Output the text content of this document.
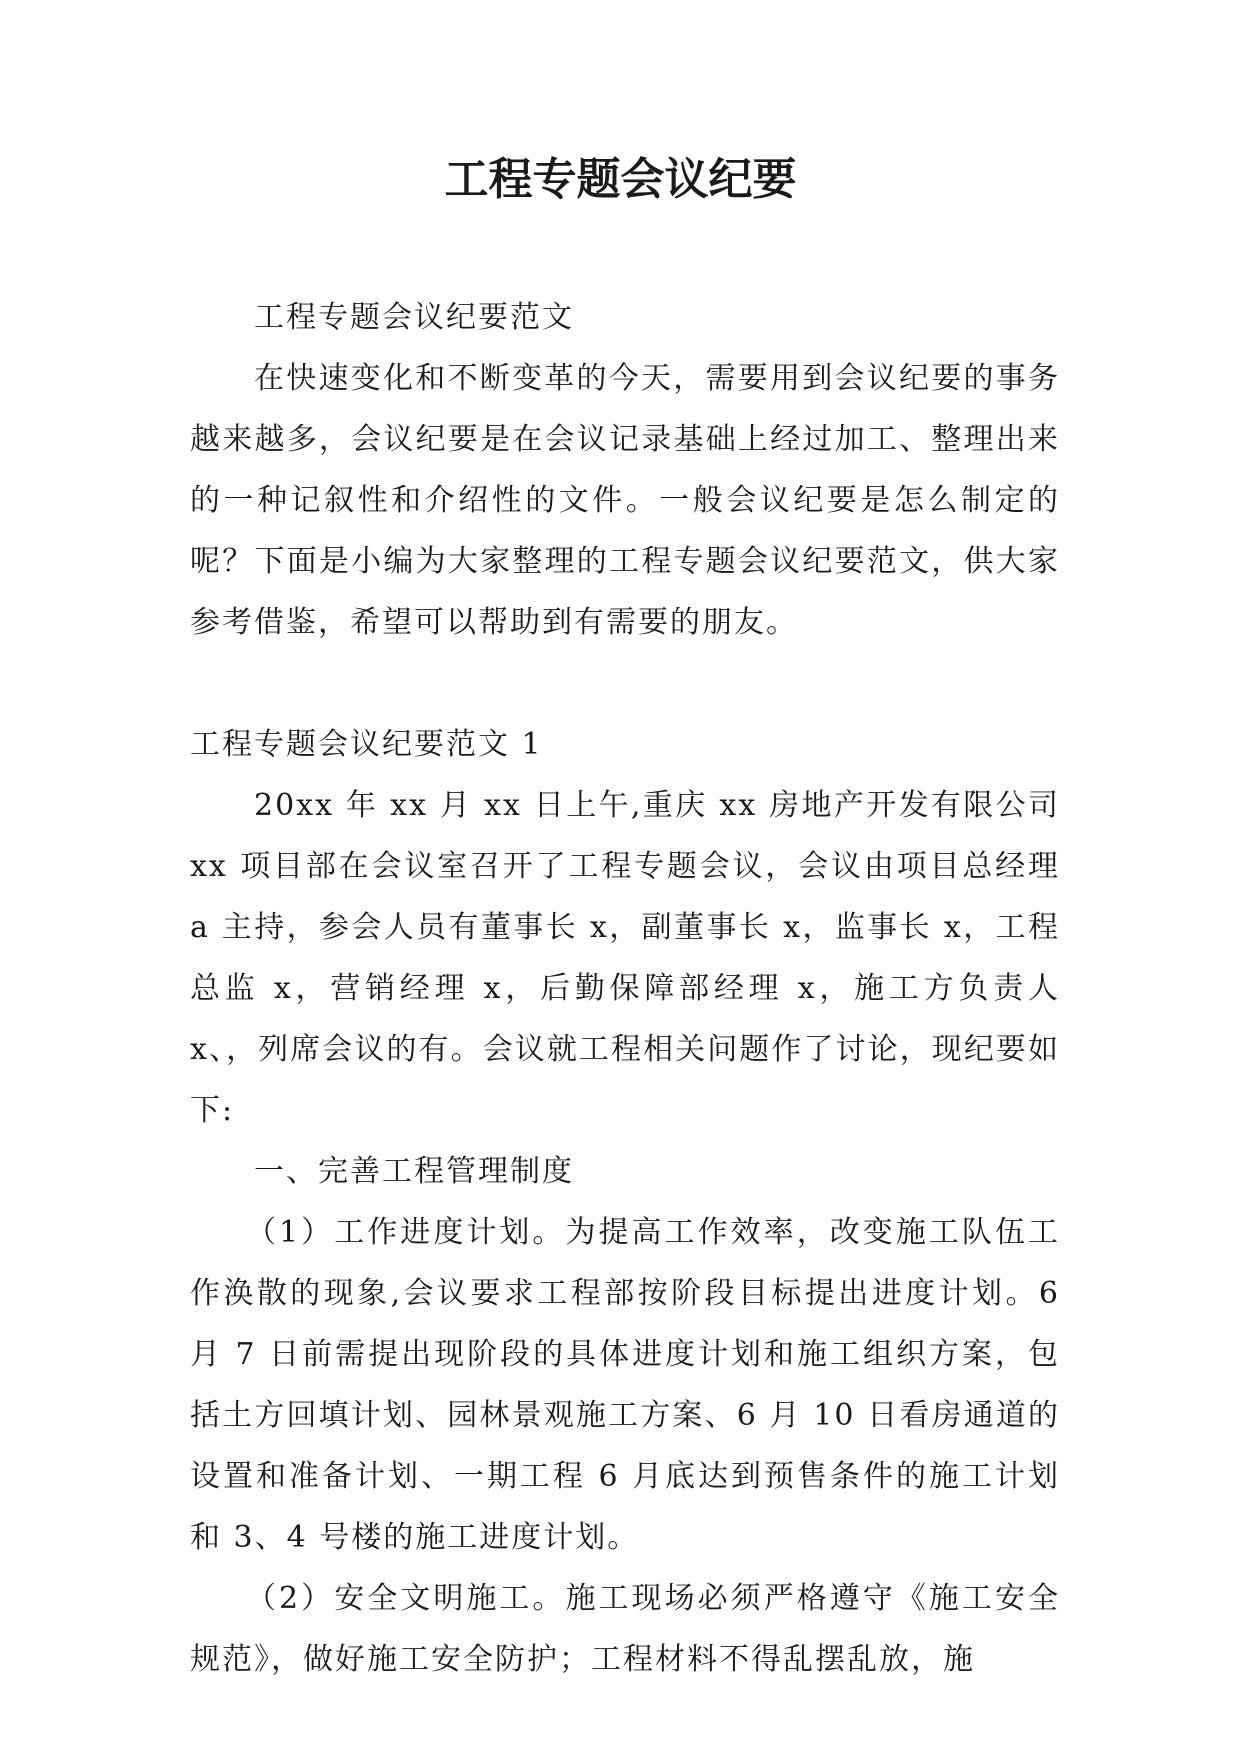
工程专题会议纪要

工程专题会议纪要范文

在快速变化和不断变革的今天，需要用到会议纪要的事务越来越多，会议纪要是在会议记录基础上经过加工、整理出来的一种记叙性和介绍性的文件。一般会议纪要是怎么制定的呢？下面是小编为大家整理的工程专题会议纪要范文，供大家参考借鉴，希望可以帮助到有需要的朋友。

工程专题会议纪要范文 1

20xx 年 xx 月 xx 日上午,重庆 xx 房地产开发有限公司 xx 项目部在会议室召开了工程专题会议，会议由项目总经理 a 主持，参会人员有董事长 x，副董事长 x，监事长 x，工程总监 x，营销经理 x，后勤保障部经理 x，施工方负责人 x、，列席会议的有。会议就工程相关问题作了讨论，现纪要如下:

一、完善工程管理制度

（1）工作进度计划。为提高工作效率，改变施工队伍工作涣散的现象,会议要求工程部按阶段目标提出进度计划。6 月 7 日前需提出现阶段的具体进度计划和施工组织方案，包括土方回填计划、园林景观施工方案、6 月 10 日看房通道的设置和准备计划、一期工程 6 月底达到预售条件的施工计划和 3、4 号楼的施工进度计划。

（2）安全文明施工。施工现场必须严格遵守《施工安全规范》，做好施工安全防护；工程材料不得乱摆乱放，施
